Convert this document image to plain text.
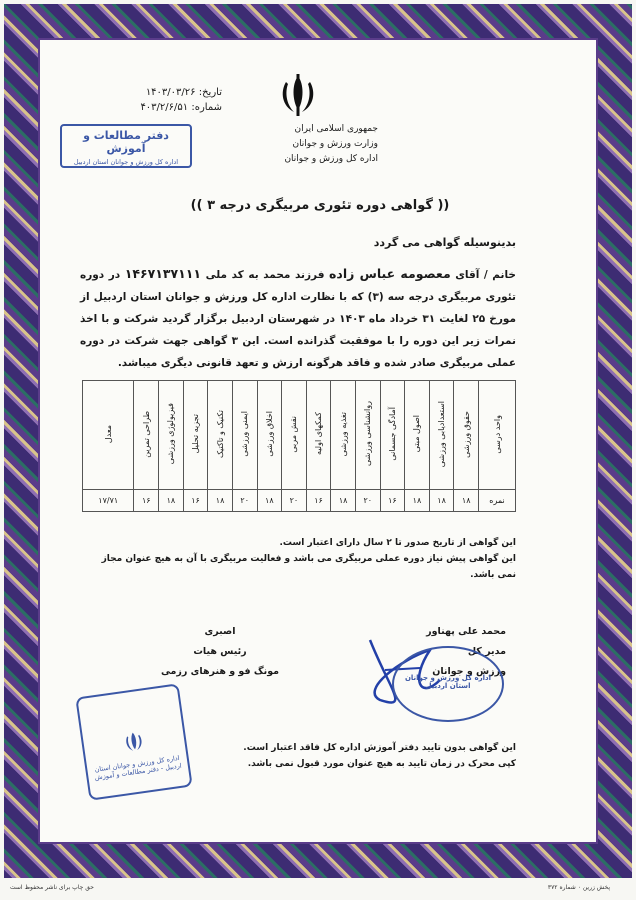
تاریخ: ۱۴۰۳/۰۳/۲۶
شماره: ۴۰۳/۲/۶/۵۱
جمهوری اسلامی ایران
وزارت ورزش و جوانان
اداره کل ورزش و جوانان
دفتر مطالعات و آموزش
اداره کل ورزش و جوانان استان اردبیل
(( گواهی دوره تئوری مربیگری درجه ۳ ))
بدینوسیله گواهی می گردد
خانم / آقای معصومه عباس زاده فرزند محمد به کد ملی ۱۴۶۷۱۳۷۱۱۱ در دوره تئوری مربیگری درجه سه (۳) که با نظارت اداره کل ورزش و جوانان استان اردبیل از مورخ ۲۵ لغایت ۳۱ خرداد ماه ۱۴۰۳ در شهرستان اردبیل برگزار گردید شرکت و با اخذ نمرات زیر این دوره را با موفقیت گذرانده است. این ۳ گواهی جهت شرکت در دوره عملی مربیگری صادر شده و فاقد هرگونه ارزش و تعهد قانونی دیگری میباشد.
واحد درسی	حقوق ورزشی	استعدادیابی ورزشی	اصول مبتی	آمادگی جسمانی	روانشناسی ورزشی	تغذیه ورزشی	کمکهای اولیه	نقش مربی	اخلاق ورزشی	ایمنی ورزشی	تکنیک و تاکتیک	تجزیه تحلیل	فیزیولوژی ورزشی	طراحی تمرین	معدل
نمره	۱۸	۱۸	۱۸	۱۶	۲۰	۱۸	۱۶	۲۰	۱۸	۲۰	۱۸	۱۶	۱۸	۱۶	۱۷/۷۱
این گواهی از تاریخ صدور تا ۲ سال دارای اعتبار است.
این گواهی پیش نیاز دوره عملی مربیگری می باشد و فعالیت مربیگری با آن به هیچ عنوان مجاز نمی باشد.
محمد علی پهناور
مدیر کل
ورزش و جوانان
اصبری
رئیس هیات
مونگ فو و هنرهای رزمی
اداره کل ورزش و جوانان استان اردبیل
اداره کل ورزش و جوانان استان اردبیل - دفتر مطالعات و آموزش
این گواهی بدون تایید دفتر آموزش اداره کل فاقد اعتبار است.
کپی محرک در زمان تایید به هیچ عنوان مورد قبول نمی باشد.
پخش زرین ۰ شماره ۳۷۲
حق چاپ برای ناشر محفوظ است
